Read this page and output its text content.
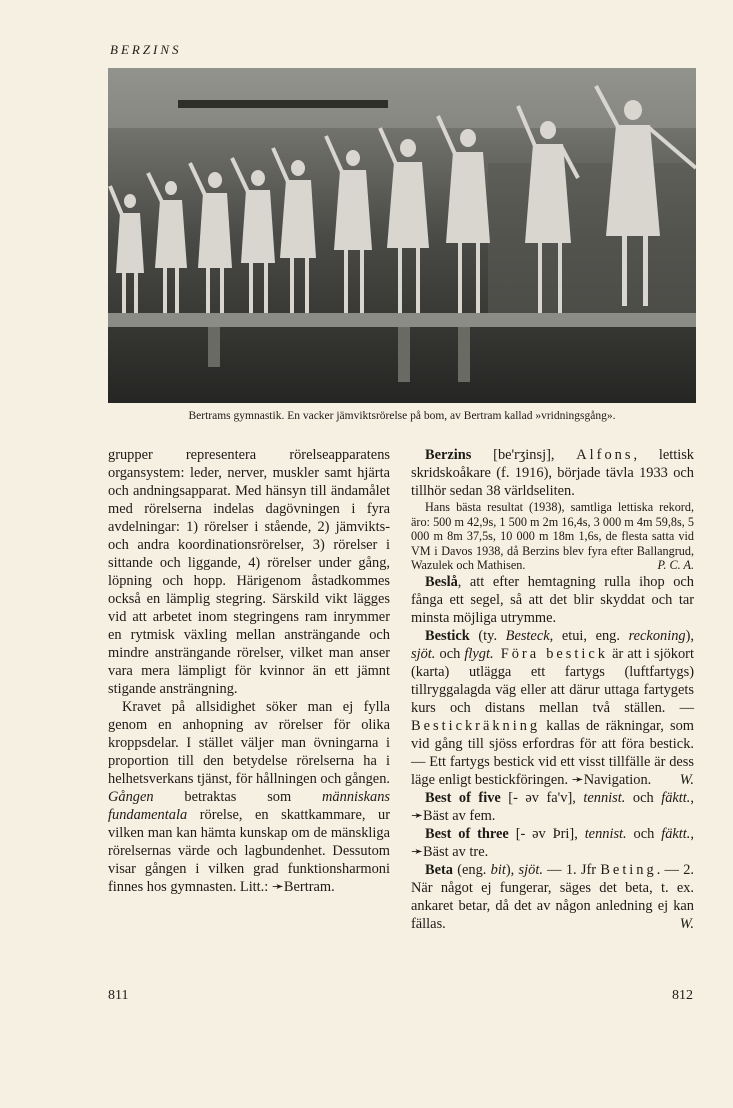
BERZINS
Bertrams gymnastik. En vacker jämviktsrörelse på bom, av Bertram kallad »vridningsgång».

grupper representera rörelseapparatens organsystem: leder, nerver, muskler samt hjärta och andningsapparat. Med hänsyn till ändamålet med rörelserna indelas dagövningen i fyra avdelningar: 1) rörelser i stående, 2) jämvikts- och andra koordinationsrörelser, 3) rörelser i sittande och liggande, 4) rörelser under gång, löpning och hopp. Härigenom åstadkommes också en lämplig stegring. Särskild vikt lägges vid att arbetet inom stegringens ram inrymmer en rytmisk växling mellan ansträngande och mindre ansträngande rörelser, vilket man anser vara mera lämpligt för kvinnor än ett jämnt stigande ansträngning.

Kravet på allsidighet söker man ej fylla genom en anhopning av rörelser för olika kroppsdelar. I stället väljer man övningarna i proportion till den betydelse rörelserna ha i helhetsverkans tjänst, för hållningen och gången. Gången betraktas som människans fundamentala rörelse, en skattkammare, ur vilken man kan hämta kunskap om de mänskliga rörelsernas värde och lagbundenhet. Dessutom visar gången i vilken grad funktionsharmoni finnes hos gymnasten. Litt.: ➛Bertram.

Berzins [be'rʒinsj], Alfons, lettisk skridskoåkare (f. 1916), började tävla 1933 och tillhör sedan 38 världseliten.

Hans bästa resultat (1938), samtliga lettiska rekord, äro: 500 m 42,9s, 1 500 m 2m 16,4s, 3 000 m 4m 59,8s, 5 000 m 8m 37,5s, 10 000 m 18m 1,6s, de flesta satta vid VM i Davos 1938, då Berzins blev fyra efter Ballangrud, Wazulek och Mathisen.	P. C. A.

Beslå, att efter hemtagning rulla ihop och fånga ett segel, så att det blir skyddat och tar minsta möjliga utrymme.

Bestick (ty. Besteck, etui, eng. reckoning), sjöt. och flygt. Föra bestick är att i sjökort (karta) utlägga ett fartygs (luftfartygs) tillryggalagda väg eller att därur uttaga fartygets kurs och distans mellan två ställen. — Bestickräkning kallas de räkningar, som vid gång till sjöss erfordras för att föra bestick. — Ett fartygs bestick vid ett visst tillfälle är dess läge enligt bestickföringen. ➛Navigation.	W.

Best of five [- əv fa'v], tennist. och fäktt., ➛Bäst av fem.

Best of three [- əv Þri], tennist. och fäktt., ➛Bäst av tre.

Beta (eng. bit), sjöt. — 1. Jfr Beting. — 2. När något ej fungerar, säges det beta, t. ex. ankaret betar, då det av någon anledning ej kan fällas.	W.

811	812
